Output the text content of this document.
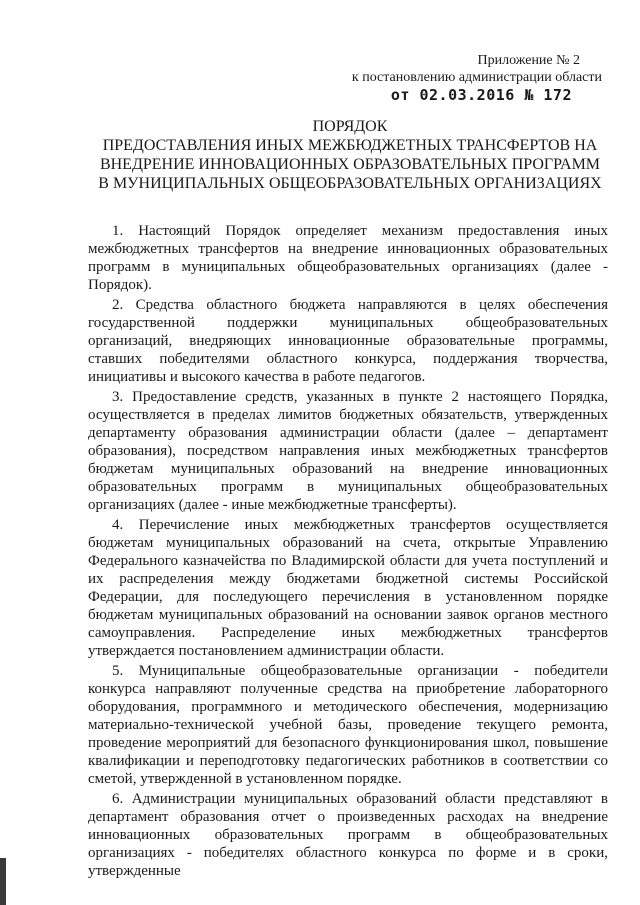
Приложение № 2
к постановлению администрации области
от 02.03.2016 № 172
ПОРЯДОК
ПРЕДОСТАВЛЕНИЯ ИНЫХ МЕЖБЮДЖЕТНЫХ ТРАНСФЕРТОВ НА
ВНЕДРЕНИЕ ИННОВАЦИОННЫХ ОБРАЗОВАТЕЛЬНЫХ ПРОГРАММ
В МУНИЦИПАЛЬНЫХ ОБЩЕОБРАЗОВАТЕЛЬНЫХ ОРГАНИЗАЦИЯХ

1. Настоящий Порядок определяет механизм предоставления иных межбюджетных трансфертов на внедрение инновационных образовательных программ в муниципальных общеобразовательных организациях (далее - Порядок).

2. Средства областного бюджета направляются в целях обеспечения государственной поддержки муниципальных общеобразовательных организаций, внедряющих инновационные образовательные программы, ставших победителями областного конкурса, поддержания творчества, инициативы и высокого качества в работе педагогов.

3. Предоставление средств, указанных в пункте 2 настоящего Порядка, осуществляется в пределах лимитов бюджетных обязательств, утвержденных департаменту образования администрации области (далее – департамент образования), посредством направления иных межбюджетных трансфертов бюджетам муниципальных образований на внедрение инновационных образовательных программ в муниципальных общеобразовательных организациях (далее - иные межбюджетные трансферты).

4. Перечисление иных межбюджетных трансфертов осуществляется бюджетам муниципальных образований на счета, открытые Управлению Федерального казначейства по Владимирской области для учета поступлений и их распределения между бюджетами бюджетной системы Российской Федерации, для последующего перечисления в установленном порядке бюджетам муниципальных образований на основании заявок органов местного самоуправления. Распределение иных межбюджетных трансфертов утверждается постановлением администрации области.

5. Муниципальные общеобразовательные организации - победители конкурса направляют полученные средства на приобретение лабораторного оборудования, программного и методического обеспечения, модернизацию материально-технической учебной базы, проведение текущего ремонта, проведение мероприятий для безопасного функционирования школ, повышение квалификации и переподготовку педагогических работников в соответствии со сметой, утвержденной в установленном порядке.

6. Администрации муниципальных образований области представляют в департамент образования отчет о произведенных расходах на внедрение инновационных образовательных программ в общеобразовательных организациях - победителях областного конкурса по форме и в сроки, утвержденные
